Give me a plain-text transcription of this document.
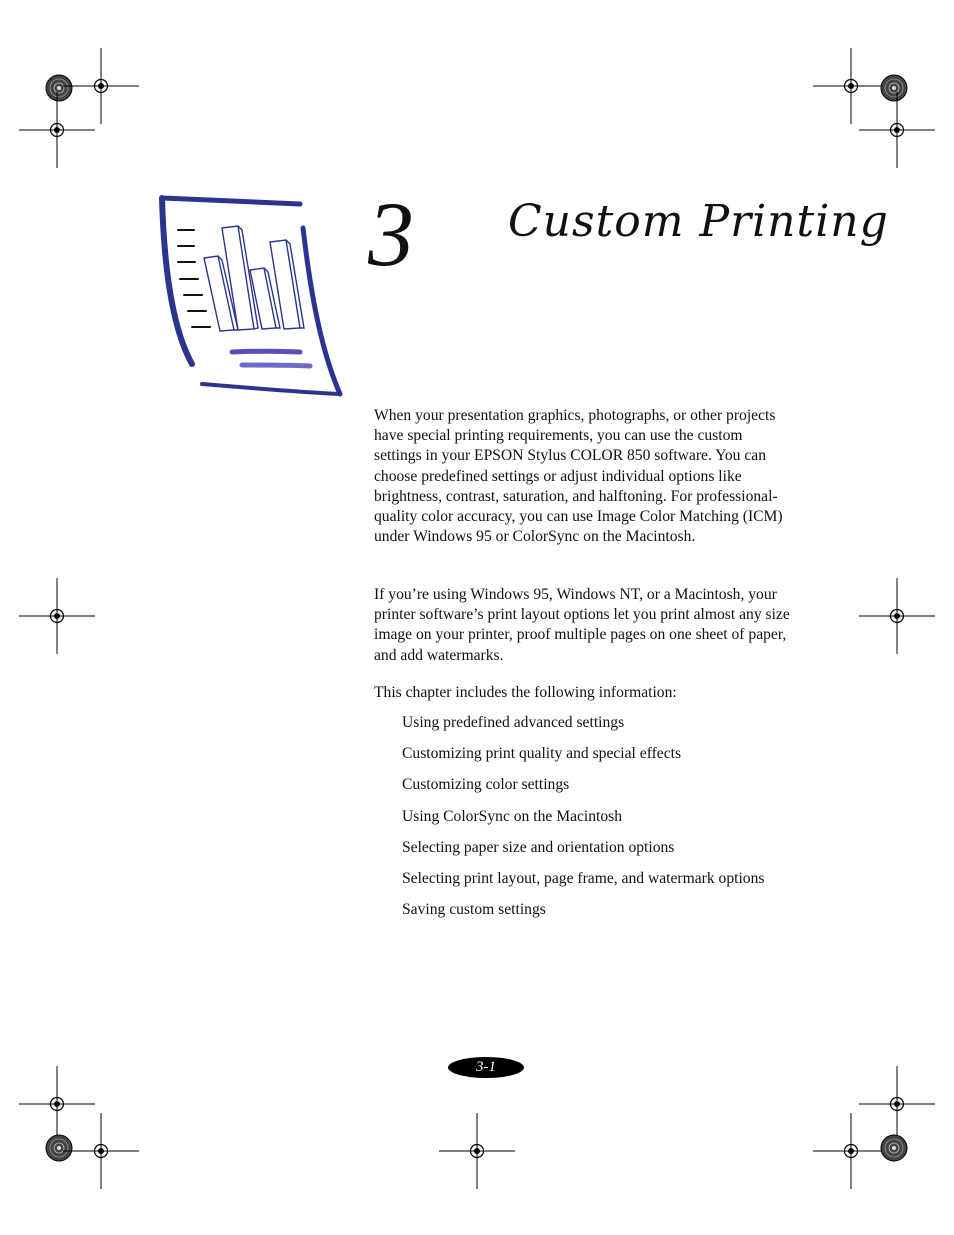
3 Custom Printing
When your presentation graphics, photographs, or other projects have special printing requirements, you can use the custom settings in your EPSON Stylus COLOR 850 software. You can choose predefined settings or adjust individual options like brightness, contrast, saturation, and halftoning. For professional-quality color accuracy, you can use Image Color Matching (ICM) under Windows 95 or ColorSync on the Macintosh.
If you’re using Windows 95, Windows NT, or a Macintosh, your printer software’s print layout options let you print almost any size image on your printer, proof multiple pages on one sheet of paper, and add watermarks.
This chapter includes the following information:
Using predefined advanced settings
Customizing print quality and special effects
Customizing color settings
Using ColorSync on the Macintosh
Selecting paper size and orientation options
Selecting print layout, page frame, and watermark options
Saving custom settings
3-1
